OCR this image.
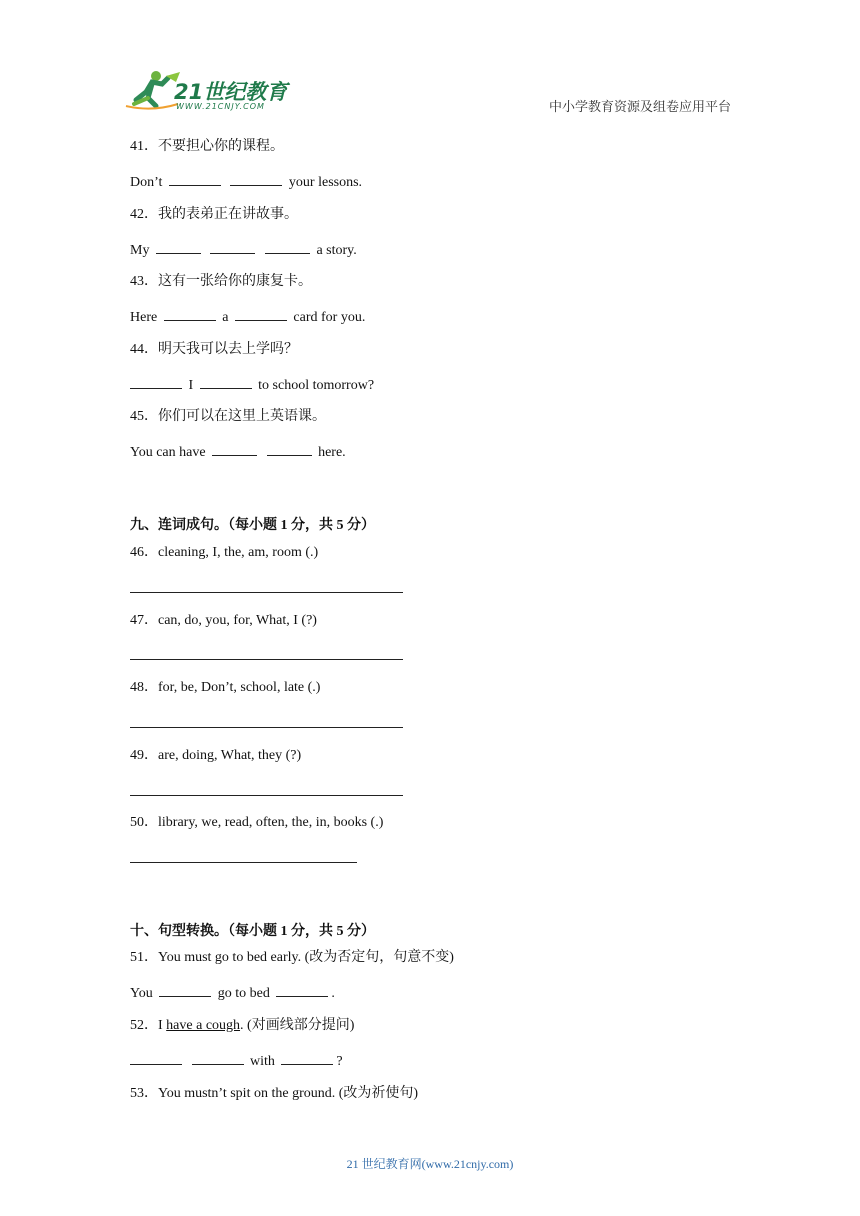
21世纪教育
WWW.21CNJY.COM	中小学教育资源及组卷应用平台
41．不要担心你的课程。
Don’t	your lessons.
42．我的表弟正在讲故事。
My	a story.
43．这有一张给你的康复卡。
Here	a	card for you.
44．明天我可以去上学吗？
I	to school tomorrow?
45．你们可以在这里上英语课。
You can have	here.
九、连词成句。（每小题 1 分，共 5 分）
46．cleaning, I, the, am, room (.)
47．can, do, you, for, What, I (?)
48．for, be, Don’t, school, late (.)
49．are, doing, What, they (?)
50．library, we, read, often, the, in, books (.)
十、句型转换。（每小题 1 分，共 5 分）
51．You must go to bed early. (改为否定句，句意不变)
You	go to bed	.
52．I have a cough. (对画线部分提问)
with	?
53．You mustn’t spit on the ground. (改为祈使句)
21 世纪教育网(www.21cnjy.com)
